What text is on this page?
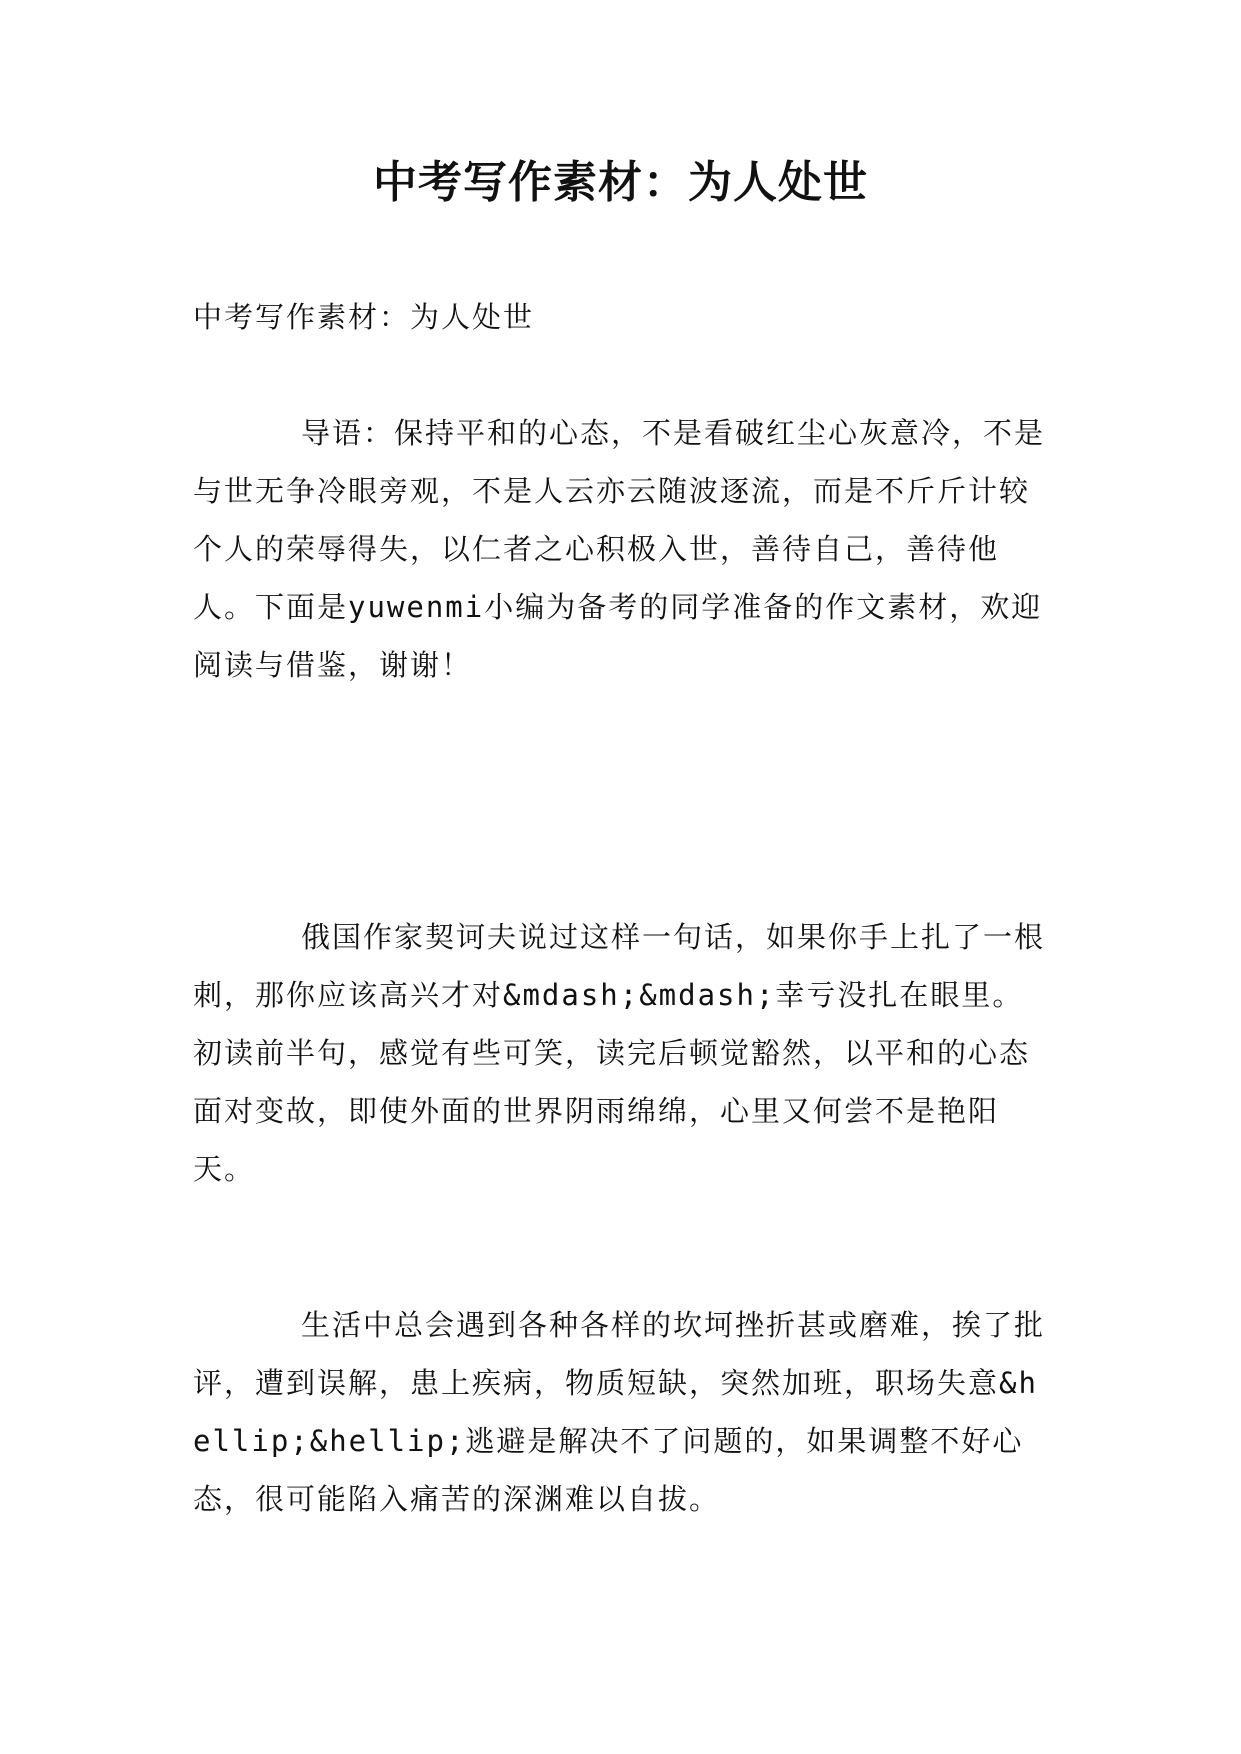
中考写作素材：为人处世

中考写作素材：为人处世

导语：保持平和的心态，不是看破红尘心灰意冷，不是与世无争冷眼旁观，不是人云亦云随波逐流，而是不斤斤计较个人的荣辱得失，以仁者之心积极入世，善待自己，善待他人。下面是yuwenmi小编为备考的同学准备的作文素材，欢迎阅读与借鉴，谢谢！

俄国作家契诃夫说过这样一句话，如果你手上扎了一根刺，那你应该高兴才对&mdash;&mdash;幸亏没扎在眼里。初读前半句，感觉有些可笑，读完后顿觉豁然，以平和的心态面对变故，即使外面的世界阴雨绵绵，心里又何尝不是艳阳天。

生活中总会遇到各种各样的坎坷挫折甚或磨难，挨了批评，遭到误解，患上疾病，物质短缺，突然加班，职场失意&hellip;&hellip;逃避是解决不了问题的，如果调整不好心态，很可能陷入痛苦的深渊难以自拔。
